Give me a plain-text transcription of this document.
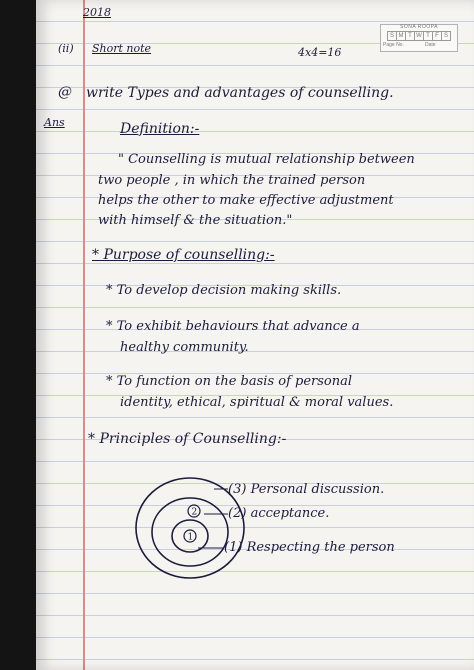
SONA ROOPA
S M T W T F S
Page No.	Date
2018
(ii) Short note	4x4=16
@ write Types and advantages of counselling.
Ans	Definition:-
" Counselling is mutual relationship between
two people , in which the trained person
helps the other to make effective adjustment
with himself & the situation."
* Purpose of counselling:-
* To develop decision making skills.
* To exhibit behaviours that advance a
healthy community.
* To function on the basis of personal
identity, ethical, spiritual & moral values.
* Principles of Counselling:-
1
2
(3) Personal discussion.
(2) acceptance.
(1) Respecting the person
